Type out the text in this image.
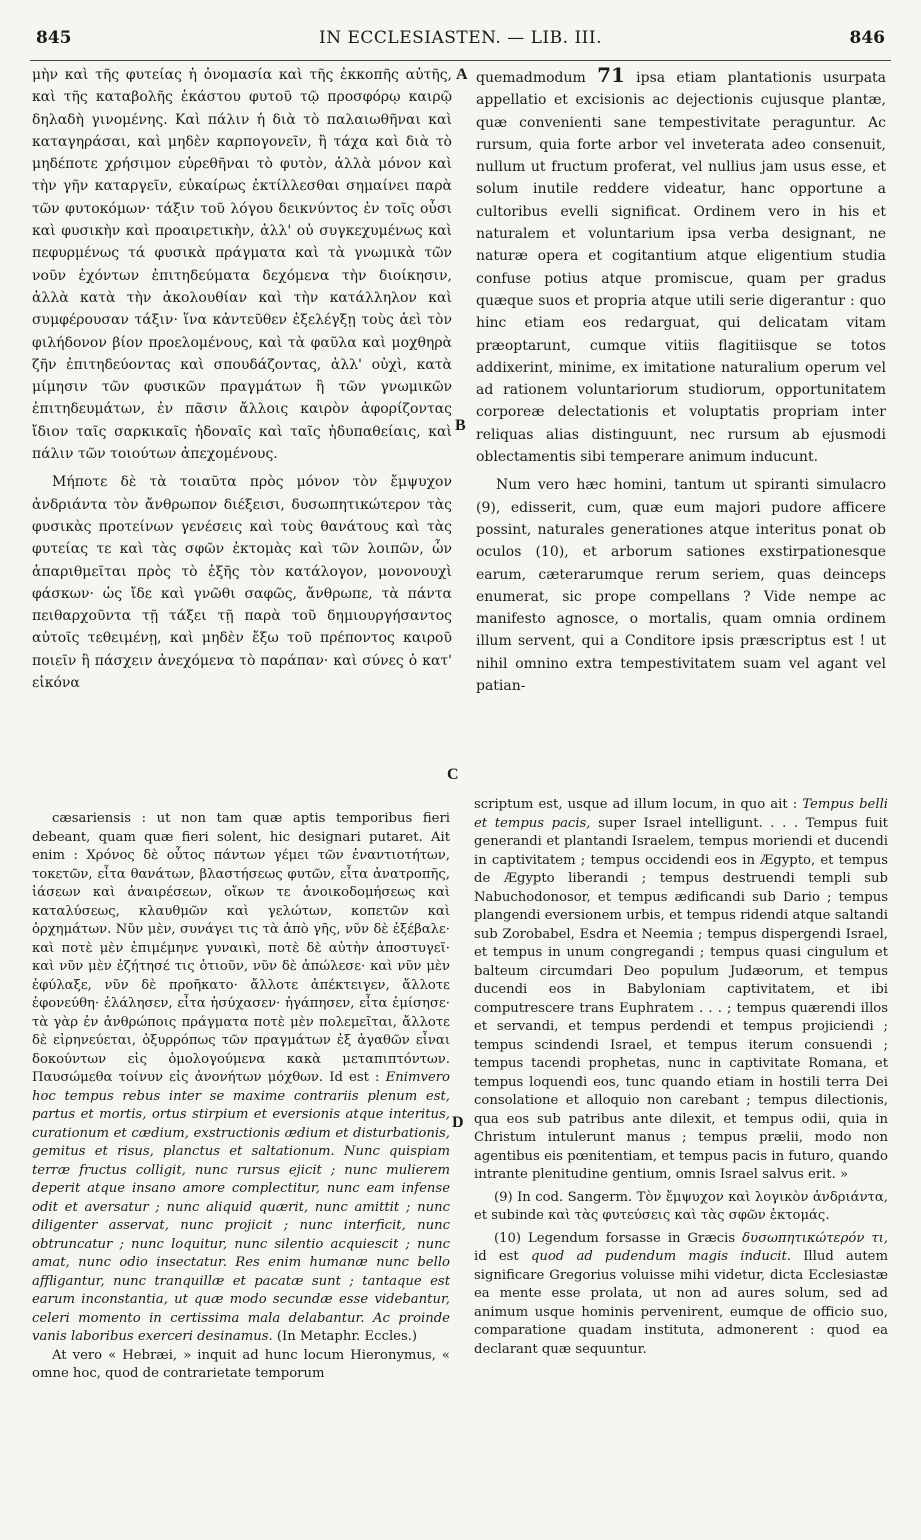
845	IN ECCLESIASTEN. — LIB. III.	846

μὴν καὶ τῆς φυτείας ἡ ὀνομασία καὶ τῆς ἐκκοπῆς αὐτῆς, καὶ τῆς καταβολῆς ἑκάστου φυτοῦ τῷ προσφόρῳ καιρῷ δηλαδὴ γινομένης. Καὶ πάλιν ἡ διὰ τὸ παλαιωθῆναι καὶ καταγηράσαι, καὶ μηδὲν καρπογονεῖν, ἢ τάχα καὶ διὰ τὸ μηδέποτε χρήσιμον εὑρεθῆναι τὸ φυτὸν, ἀλλὰ μόνον καὶ τὴν γῆν καταργεῖν, εὐκαίρως ἐκτίλλεσθαι σημαίνει παρὰ τῶν φυτοκόμων· τάξιν τοῦ λόγου δεικνύντος ἐν τοῖς οὖσι καὶ φυσικὴν καὶ προαιρετικὴν, ἀλλ' οὐ συγκεχυμένως καὶ πεφυρμένως τά φυσικὰ πράγματα καὶ τὰ γνωμικὰ τῶν νοῦν ἐχόντων ἐπιτηδεύματα δεχόμενα τὴν διοίκησιν, ἀλλὰ κατὰ τὴν ἀκολουθίαν καὶ τὴν κατάλληλον καὶ συμφέρουσαν τάξιν· ἵνα κἀντεῦθεν ἐξελέγξῃ τοὺς ἀεὶ τὸν φιλήδονον βίον προελομένους, καὶ τὰ φαῦλα καὶ μοχθηρὰ ζῆν ἐπιτηδεύοντας καὶ σπουδάζοντας, ἀλλ' οὐχὶ, κατὰ μίμησιν τῶν φυσικῶν πραγμάτων ἢ τῶν γνωμικῶν ἐπιτηδευμάτων, ἐν πᾶσιν ἄλλοις καιρὸν ἀφορίζοντας ἴδιον ταῖς σαρκικαῖς ἡδοναῖς καὶ ταῖς ἡδυπαθείαις, καὶ πάλιν τῶν τοιούτων ἀπεχομένους.

Μήποτε δὲ τὰ τοιαῦτα πρὸς μόνον τὸν ἔμψυχον ἀνδριάντα τὸν ἄνθρωπον διέξεισι, δυσωπητικώτερον τὰς φυσικὰς προτείνων γενέσεις καὶ τοὺς θανάτους καὶ τὰς φυτείας τε καὶ τὰς σφῶν ἐκτομὰς καὶ τῶν λοιπῶν, ὧν ἀπαριθμεῖται πρὸς τὸ ἑξῆς τὸν κατάλογον, μονονουχὶ φάσκων· ὡς ἴδε καὶ γνῶθι σαφῶς, ἄνθρωπε, τὰ πάντα πειθαρχοῦντα τῇ τάξει τῇ παρὰ τοῦ δημιουργήσαντος αὐτοῖς τεθειμένῃ, καὶ μηδὲν ἔξω τοῦ πρέποντος καιροῦ ποιεῖν ἢ πάσχειν ἀνεχόμενα τὸ παράπαν· καὶ σύνες ὁ κατ' εἰκόνα

A
B
C
D

quemadmodum 71 ipsa etiam plantationis usurpata appellatio et excisionis ac dejectionis cujusque plantæ, quæ convenienti sane tempestivitate peraguntur. Ac rursum, quia forte arbor vel inveterata adeo consenuit, nullum ut fructum proferat, vel nullius jam usus esse, et solum inutile reddere videatur, hanc opportune a cultoribus evelli significat. Ordinem vero in his et naturalem et voluntarium ipsa verba designant, ne naturæ opera et cogitantium atque eligentium studia confuse potius atque promiscue, quam per gradus quæque suos et propria atque utili serie digerantur : quo hinc etiam eos redarguat, qui delicatam vitam præoptarunt, cumque vitiis flagitiisque se totos addixerint, minime, ex imitatione naturalium operum vel ad rationem voluntariorum studiorum, opportunitatem corporeæ delectationis et voluptatis propriam inter reliquas alias distinguunt, nec rursum ab ejusmodi oblectamentis sibi temperare animum inducunt.

Num vero hæc homini, tantum ut spiranti simulacro (9), edisserit, cum, quæ eum majori pudore afficere possint, naturales generationes atque interitus ponat ob oculos (10), et arborum sationes exstirpationesque earum, cæterarumque rerum seriem, quas deinceps enumerat, sic prope compellans ? Vide nempe ac manifesto agnosce, o mortalis, quam omnia ordinem illum servent, qui a Conditore ipsis præscriptus est ! ut nihil omnino extra tempestivitatem suam vel agant vel patian-

cæsariensis : ut non tam quæ aptis temporibus fieri debeant, quam quæ fieri solent, hic designari putaret. Ait enim : Χρόνος δὲ οὗτος πάντων γέμει τῶν ἐναντιοτήτων, τοκετῶν, εἶτα θανάτων, βλαστήσεως φυτῶν, εἶτα ἀνατροπῆς, ἰάσεων καὶ ἀναιρέσεων, οἴκων τε ἀνοικοδομήσεως καὶ καταλύσεως, κλαυθμῶν καὶ γελώτων, κοπετῶν καὶ ὀρχημάτων. Νῦν μὲν, συνάγει τις τὰ ἀπὸ γῆς, νῦν δὲ ἐξέβαλε· καὶ ποτὲ μὲν ἐπιμέμηνε γυναικὶ, ποτὲ δὲ αὐτὴν ἀποστυγεῖ· καὶ νῦν μὲν ἐζήτησέ τις ὁτιοῦν, νῦν δὲ ἀπώλεσε· καὶ νῦν μὲν ἐφύλαξε, νῦν δὲ προῆκατο· ἄλλοτε ἀπέκτειγεν, ἄλλοτε ἐφονεύθη· ἐλάλησεν, εἶτα ἡσύχασεν· ἠγάπησεν, εἶτα ἐμίσησε· τὰ γὰρ ἐν ἀνθρώποις πράγματα ποτὲ μὲν πολεμεῖται, ἄλλοτε δὲ εἰρηνεύεται, ὀξυρρόπως τῶν πραγμάτων ἐξ ἀγαθῶν εἶναι δοκούντων εἰς ὁμολογούμενα κακὰ μεταπιπτόντων. Παυσώμεθα τοίνυν εἰς ἀνονήτων μόχθων. Id est : Enimvero hoc tempus rebus inter se maxime contrariis plenum est, partus et mortis, ortus stirpium et eversionis atque interitus, curationum et cædium, exstructionis ædium et disturbationis, gemitus et risus, planctus et saltationum. Nunc quispiam terræ fructus colligit, nunc rursus ejicit ; nunc mulierem deperit atque insano amore complectitur, nunc eam infense odit et aversatur ; nunc aliquid quærit, nunc amittit ; nunc diligenter asservat, nunc projicit ; nunc interficit, nunc obtruncatur ; nunc loquitur, nunc silentio acquiescit ; nunc amat, nunc odio insectatur. Res enim humanæ nunc bello affligantur, nunc tranquillæ et pacatæ sunt ; tantaque est earum inconstantia, ut quæ modo secundæ esse videbantur, celeri momento in certissima mala delabantur. Ac proinde vanis laboribus exerceri desinamus. (In Metaphr. Eccles.)

At vero « Hebræi, » inquit ad hunc locum Hieronymus, « omne hoc, quod de contrarietate temporum

scriptum est, usque ad illum locum, in quo ait : Tempus belli et tempus pacis, super Israel intelligunt. . . . Tempus fuit generandi et plantandi Israelem, tempus moriendi et ducendi in captivitatem ; tempus occidendi eos in Ægypto, et tempus de Ægypto liberandi ; tempus destruendi templi sub Nabuchodonosor, et tempus ædificandi sub Dario ; tempus plangendi eversionem urbis, et tempus ridendi atque saltandi sub Zorobabel, Esdra et Neemia ; tempus dispergendi Israel, et tempus in unum congregandi ; tempus quasi cingulum et balteum circumdari Deo populum Judæorum, et tempus ducendi eos in Babyloniam captivitatem, et ibi computrescere trans Euphratem . . . ; tempus quærendi illos et servandi, et tempus perdendi et tempus projiciendi ; tempus scindendi Israel, et tempus iterum consuendi ; tempus tacendi prophetas, nunc in captivitate Romana, et tempus loquendi eos, tunc quando etiam in hostili terra Dei consolatione et alloquio non carebant ; tempus dilectionis, qua eos sub patribus ante dilexit, et tempus odii, quia in Christum intulerunt manus ; tempus prælii, modo non agentibus eis pœnitentiam, et tempus pacis in futuro, quando intrante plenitudine gentium, omnis Israel salvus erit. »

(9) In cod. Sangerm. Τὸν ἔμψυχον καὶ λογικὸν ἀνδριάντα, et subinde καὶ τὰς φυτεύσεις καὶ τὰς σφῶν ἐκτομάς.

(10) Legendum forsasse in Græcis δυσωπητικώτερόν τι, id est quod ad pudendum magis inducit. Illud autem significare Gregorius voluisse mihi videtur, dicta Ecclesiastæ ea mente esse prolata, ut non ad aures solum, sed ad animum usque hominis pervenirent, eumque de officio suo, comparatione quadam instituta, admonerent : quod ea declarant quæ sequuntur.
